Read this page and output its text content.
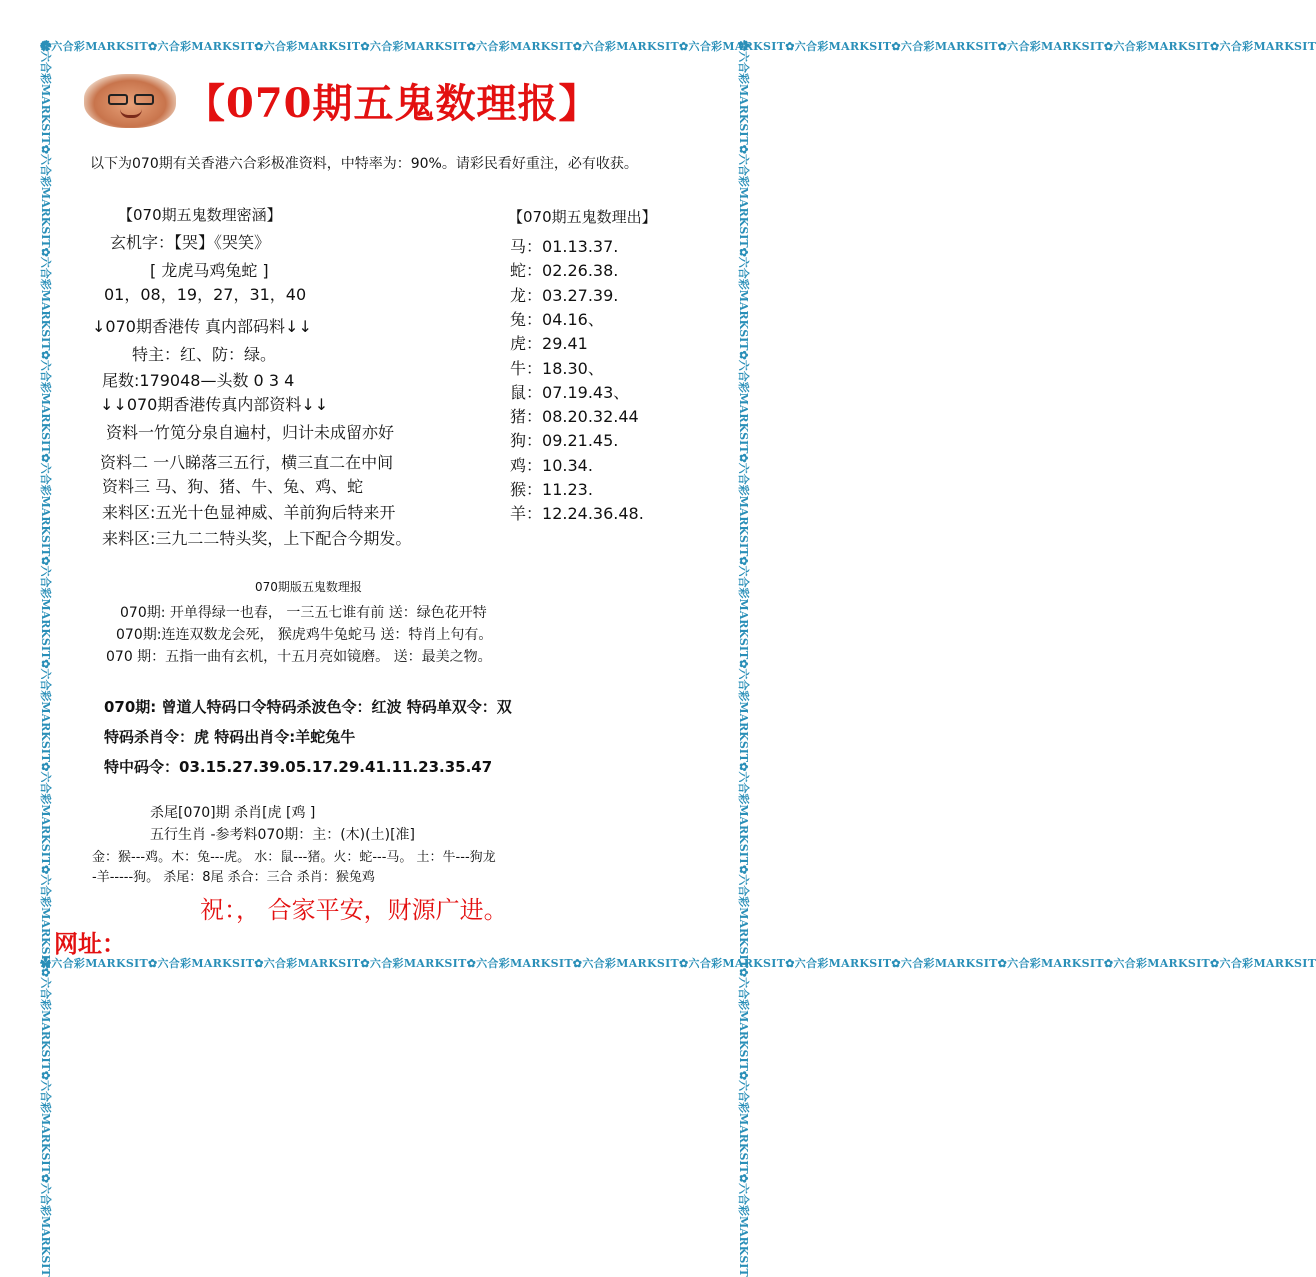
✿六合彩MARKSIT✿六合彩MARKSIT✿六合彩MARKSIT✿六合彩MARKSIT✿六合彩MARKSIT✿六合彩MARKSIT✿六合彩MARKSIT✿六合彩MARKSIT✿六合彩MARKSIT✿六合彩MARKSIT✿六合彩MARKSIT✿六合彩MARKSIT
✿六合彩MARKSIT✿六合彩MARKSIT✿六合彩MARKSIT✿六合彩MARKSIT✿六合彩MARKSIT✿六合彩MARKSIT✿六合彩MARKSIT✿六合彩MARKSIT✿六合彩MARKSIT✿六合彩MARKSIT✿六合彩MARKSIT✿六合彩MARKSIT
✿六合彩MARKSIT✿六合彩MARKSIT✿六合彩MARKSIT✿六合彩MARKSIT✿六合彩MARKSIT✿六合彩MARKSIT✿六合彩MARKSIT✿六合彩MARKSIT✿六合彩MARKSIT✿六合彩MARKSIT✿六合彩MARKSIT✿六合彩MARKSIT	✿六合彩MARKSIT✿六合彩MARKSIT✿六合彩MARKSIT✿六合彩MARKSIT✿六合彩MARKSIT✿六合彩MARKSIT✿六合彩MARKSIT✿六合彩MARKSIT✿六合彩MARKSIT✿六合彩MARKSIT✿六合彩MARKSIT✿六合彩MARKSIT
【070期五鬼数理报】
以下为070期有关香港六合彩极准资料，中特率为：90%。请彩民看好重注，必有收获。
【070期五鬼数理密涵】
玄机字：【哭】《哭笑》
[ 龙虎马鸡兔蛇 ]
01，08，19，27，31，40
↓070期香港传 真内部码料↓↓
特主：红、防：绿。
尾数:179048—头数 0 3 4
↓↓070期香港传真内部资料↓↓
资料一竹笕分泉自遍村，归计未成留亦好
资料二 一八睇落三五行，横三直二在中间
资料三 马、狗、猪、牛、兔、鸡、蛇
来料区:五光十色显神威、羊前狗后特来开
来料区:三九二二特头奖，上下配合今期发。
【070期五鬼数理出】
马：01.13.37.
蛇：02.26.38.
龙：03.27.39.
兔：04.16、
虎：29.41
牛：18.30、
鼠：07.19.43、
猪：08.20.32.44
狗：09.21.45.
鸡：10.34.
猴：11.23.
羊：12.24.36.48.
070期版五鬼数理报
070期: 开单得绿一也春， 一三五七谁有前 送：绿色花开特
070期:连连双数龙会死， 猴虎鸡牛兔蛇马 送：特肖上句有。
070 期：五指一曲有玄机，十五月亮如镜磨。 送：最美之物。
070期: 曾道人特码口令特码杀波色令：红波 特码单双令：双
特码杀肖令：虎 特码出肖令:羊蛇兔牛
特中码令：03.15.27.39.05.17.29.41.11.23.35.47
杀尾[070]期 杀肖[虎 [鸡 ]
五行生肖 -参考料070期：主：(木)(土)[准]
金：猴---鸡。木：兔---虎。 水：鼠---猪。火：蛇---马。 土：牛---狗龙
-羊-----狗。 杀尾：8尾 杀合：三合 杀肖：猴兔鸡
祝：， 合家平安，财源广进。
网址：
